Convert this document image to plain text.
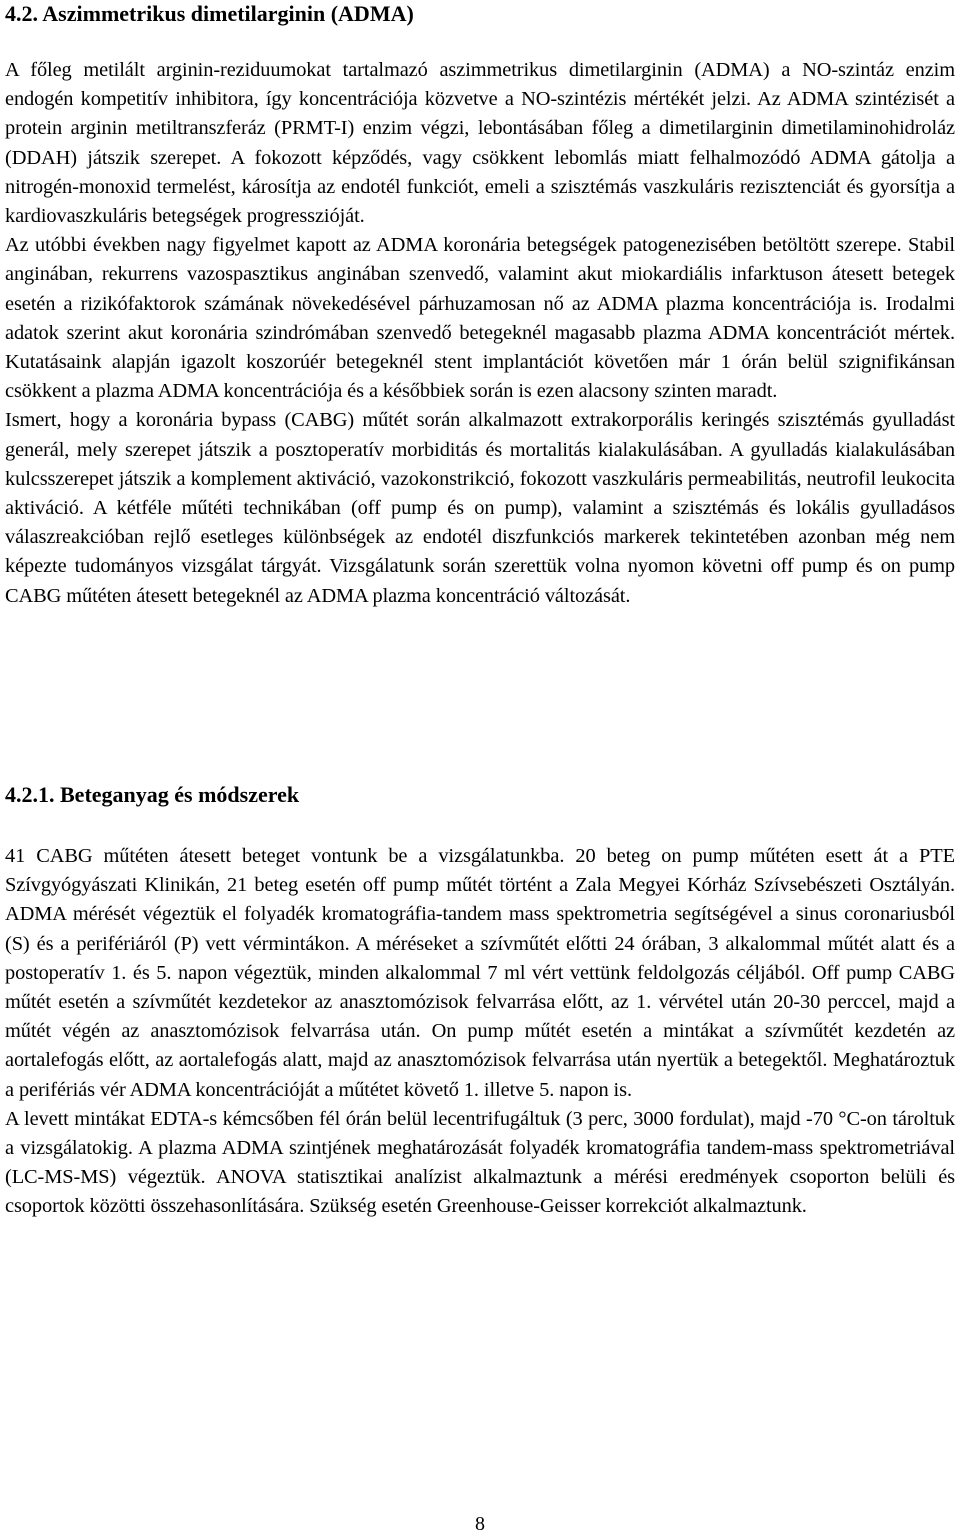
4.2. Aszimmetrikus dimetilarginin (ADMA)
A főleg metilált arginin-reziduumokat tartalmazó aszimmetrikus dimetilarginin (ADMA) a NO-szintáz enzim endogén kompetitív inhibitora, így koncentrációja közvetve a NO-szintézis mértékét jelzi. Az ADMA szintézisét a protein arginin metiltranszferáz (PRMT-I) enzim végzi, lebontásában főleg a dimetilarginin dimetilaminohidroláz (DDAH) játszik szerepet. A fokozott képződés, vagy csökkent lebomlás miatt felhalmozódó ADMA gátolja a nitrogén-monoxid termelést, károsítja az endotél funkciót, emeli a szisztémás vaszkuláris rezisztenciát és gyorsítja a kardiovaszkuláris betegségek progresszióját.
Az utóbbi években nagy figyelmet kapott az ADMA koronária betegségek patogenezisében betöltött szerepe. Stabil anginában, rekurrens vazospasztikus anginában szenvedő, valamint akut miokardiális infarktuson átesett betegek esetén a rizikófaktorok számának növekedésével párhuzamosan nő az ADMA plazma koncentrációja is. Irodalmi adatok szerint akut koronária szindrómában szenvedő betegeknél magasabb plazma ADMA koncentrációt mértek. Kutatásaink alapján igazolt koszorúér betegeknél stent implantációt követően már 1 órán belül szignifikánsan csökkent a plazma ADMA koncentrációja és a későbbiek során is ezen alacsony szinten maradt.
Ismert, hogy a koronária bypass (CABG) műtét során alkalmazott extrakorporális keringés szisztémás gyulladást generál, mely szerepet játszik a posztoperatív morbiditás és mortalitás kialakulásában. A gyulladás kialakulásában kulcsszerepet játszik a komplement aktiváció, vazokonstrikció, fokozott vaszkuláris permeabilitás, neutrofil leukocita aktiváció. A kétféle műtéti technikában (off pump és on pump), valamint a szisztémás és lokális gyulladásos válaszreakcióban rejlő esetleges különbségek az endotél diszfunkciós markerek tekintetében azonban még nem képezte tudományos vizsgálat tárgyát. Vizsgálatunk során szerettük volna nyomon követni off pump és on pump CABG műtéten átesett betegeknél az ADMA plazma koncentráció változását.
4.2.1. Beteganyag és módszerek
41 CABG műtéten átesett beteget vontunk be a vizsgálatunkba. 20 beteg on pump műtéten esett át a PTE Szívgyógyászati Klinikán, 21 beteg esetén off pump műtét történt a Zala Megyei Kórház Szívsebészeti Osztályán. ADMA mérését végeztük el folyadék kromatográfia-tandem mass spektrometria segítségével a sinus coronariusból (S) és a perifériáról (P) vett vérmintákon. A méréseket a szívműtét előtti 24 órában, 3 alkalommal műtét alatt és a postoperatív 1. és 5. napon végeztük, minden alkalommal 7 ml vért vettünk feldolgozás céljából. Off pump CABG műtét esetén a szívműtét kezdetekor az anasztomózisok felvarrása előtt, az 1. vérvétel után 20-30 perccel, majd a műtét végén az anasztomózisok felvarrása után. On pump műtét esetén a mintákat a szívműtét kezdetén az aortalefogás előtt, az aortalefogás alatt, majd az anasztomózisok felvarrása után nyertük a betegektől. Meghatároztuk a perifériás vér ADMA koncentrációját a műtétet követő 1. illetve 5. napon is.
A levett mintákat EDTA-s kémcsőben fél órán belül lecentrifugáltuk (3 perc, 3000 fordulat), majd -70 °C-on tároltuk a vizsgálatokig. A plazma ADMA szintjének meghatározását folyadék kromatográfia tandem-mass spektrometriával (LC-MS-MS) végeztük. ANOVA statisztikai analízist alkalmaztunk a mérési eredmények csoporton belüli és csoportok közötti összehasonlítására. Szükség esetén Greenhouse-Geisser korrekciót alkalmaztunk.
8
